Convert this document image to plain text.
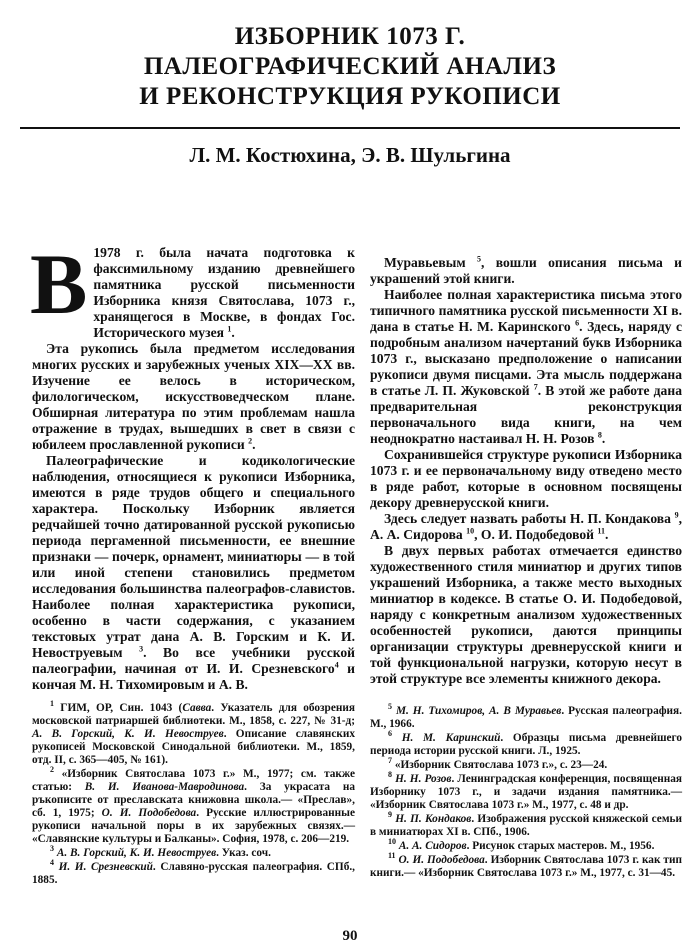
ИЗБОРНИК 1073 Г.
ПАЛЕОГРАФИЧЕСКИЙ АНАЛИЗ
И РЕКОНСТРУКЦИЯ РУКОПИСИ
Л. М. Костюхина, Э. В. Шульгина

В 1978 г. была начата подготовка к факсимильному изданию древнейшего памятника русской письменности Изборника князя Святослава, 1073 г., хранящегося в Москве, в фондах Гос. Исторического музея $^1$.

Эта рукопись была предметом исследования многих русских и зарубежных ученых XIX—XX вв. Изучение ее велось в историческом, филологическом, искусствоведческом плане. Обширная литература по этим проблемам нашла отражение в трудах, вышедших в свет в связи с юбилеем прославленной рукописи $^2$.

Палеографические и кодикологические наблюдения, относящиеся к рукописи Изборника, имеются в ряде трудов общего и специального характера. Поскольку Изборник является редчайшей точно датированной русской рукописью периода пергаменной письменности, ее внешние признаки — почерк, орнамент, миниатюры — в той или иной степени становились предметом исследования большинства палеографов-славистов. Наиболее полная характеристика рукописи, особенно в части содержания, с указанием текстовых утрат дана А. В. Горским и К. И. Невоструевым $^3$. Во все учебники русской палеографии, начиная от И. И. Срезневского$^4$ и кончая М. Н. Тихомировым и А. В.

Муравьевым $^5$, вошли описания письма и украшений этой книги.

Наиболее полная характеристика письма этого типичного памятника русской письменности XI в. дана в статье Н. М. Каринского $^6$. Здесь, наряду с подробным анализом начертаний букв Изборника 1073 г., высказано предположение о написании рукописи двумя писцами. Эта мысль поддержана в статье Л. П. Жуковской $^7$. В этой же работе дана предварительная реконструкция первоначального вида книги, на чем неоднократно настаивал Н. Н. Розов $^8$.

Сохранившейся структуре рукописи Изборника 1073 г. и ее первоначальному виду отведено место в ряде работ, которые в основном посвящены декору древнерусской книги.

Здесь следует назвать работы Н. П. Кондакова $^9$, А. А. Сидорова $^{10}$, О. И. Подобедовой $^{11}$.

В двух первых работах отмечается единство художественного стиля миниатюр и других типов украшений Изборника, а также место выходных миниатюр в кодексе. В статье О. И. Подобедовой, наряду с конкретным анализом художественных особенностей рукописи, даются принципы организации структуры древнерусской книги и той функциональной нагрузки, которую несут в этой структуре все элементы книжного декора.

$^1$ ГИМ, ОР, Син. 1043 (Савва. Указатель для обозрения московской патриаршей библиотеки. М., 1858, с. 227, № 31-д; А. В. Горский, К. И. Невоструев. Описание славянских рукописей Московской Синодальной библиотеки. М., 1859, отд. II, с. 365—405, № 161).

$^2$ «Изборник Святослава 1073 г.» М., 1977; см. также статью: В. И. Иванова-Мавродинова. За украсата на ръкописите от преславската книжовна школа.— «Преслав», сб. 1, 1975; О. И. Подобедова. Русские иллюстрированные рукописи начальной поры в их зарубежных связях.— «Славянские культуры и Балканы». София, 1978, с. 206—219.

$^3$ А. В. Горский, К. И. Невоструев. Указ. соч.

$^4$ И. И. Срезневский. Славяно-русская палеография. СПб., 1885.

$^5$ М. Н. Тихомиров, А. В Муравьев. Русская палеография. М., 1966.

$^6$ Н. М. Каринский. Образцы письма древнейшего периода истории русской книги. Л., 1925.

$^7$ «Изборник Святослава 1073 г.», с. 23—24.

$^8$ Н. Н. Розов. Ленинградская конференция, посвященная Изборнику 1073 г., и задачи издания памятника.— «Изборник Святослава 1073 г.» М., 1977, с. 48 и др.

$^9$ Н. П. Кондаков. Изображения русской княжеской семьи в миниатюрах XI в. СПб., 1906.

$^{10}$ А. А. Сидоров. Рисунок старых мастеров. М., 1956.

$^{11}$ О. И. Подобедова. Изборник Святослава 1073 г. как тип книги.— «Изборник Святослава 1073 г.» М., 1977, с. 31—45.

90
